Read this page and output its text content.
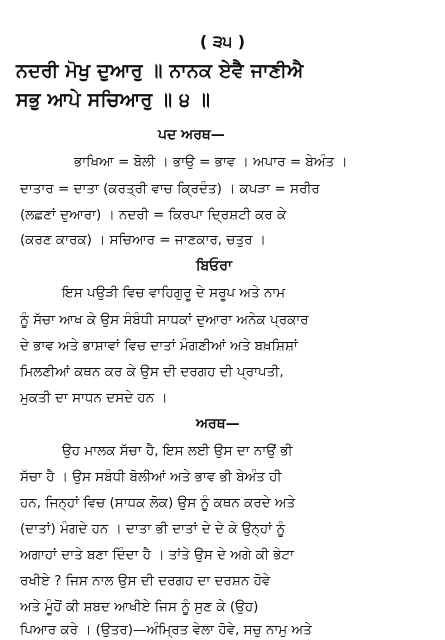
( ੩੫ )
ਨਦਰੀ ਮੋਖੁ ਦੁਆਰੁ ॥ ਨਾਨਕ ਏਵੈ ਜਾਣੀਐ
ਸਭੁ ਆਪੇ ਸਚਿਆਰੁ ॥ ੪ ॥
ਪਦ ਅਰਥ—
ਭਾਖਿਆ = ਬੋਲੀ । ਭਾਉ = ਭਾਵ । ਅਪਾਰ = ਬੇਅੰਤ ।
ਦਾਤਾਰ = ਦਾਤਾ (ਕਰਤ੍ਰੀ ਵਾਚ ਕ੍ਰਿਦੰਤ) । ਕਪੜਾ = ਸਰੀਰ
(ਲਛਣਾਂ ਦੁਆਰਾ) । ਨਦਰੀ = ਕਿਰਪਾ ਦ੍ਰਿਸ਼ਟੀ ਕਰ ਕੇ
(ਕਰਣ ਕਾਰਕ) । ਸਚਿਆਰ = ਜਾਣਕਾਰ, ਚਤੁਰ ।
ਬਿਓਰਾ
ਇਸ ਪਉੜੀ ਵਿਚ ਵਾਹਿਗੁਰੂ ਦੇ ਸਰੂਪ ਅਤੇ ਨਾਮ
ਨੂੰ ਸੱਚਾ ਆਖ ਕੇ ਉਸ ਸੰਬੰਧੀ ਸਾਧਕਾਂ ਦੁਆਰਾ ਅਨੇਕ ਪ੍ਰਕਾਰ
ਦੇ ਭਾਵ ਅਤੇ ਭਾਸ਼ਾਵਾਂ ਵਿਚ ਦਾਤਾਂ ਮੰਗਣੀਆਂ ਅਤੇ ਬਖ਼ਸ਼ਿਸ਼ਾਂ
ਮਿਲਣੀਆਂ ਕਥਨ ਕਰ ਕੇ ਉਸ ਦੀ ਦਰਗਹ ਦੀ ਪ੍ਰਾਪਤੀ,
ਮੁਕਤੀ ਦਾ ਸਾਧਨ ਦਸਦੇ ਹਨ ।
ਅਰਥ—
ਉਹ ਮਾਲਕ ਸੱਚਾ ਹੈ, ਇਸ ਲਈ ਉਸ ਦਾ ਨਾਉਂ ਭੀ
ਸੱਚਾ ਹੈ । ਉਸ ਸਬੰਧੀ ਬੋਲੀਆਂ ਅਤੇ ਭਾਵ ਭੀ ਬੇਅੰਤ ਹੀ
ਹਨ, ਜਿਨ੍ਹਾਂ ਵਿਚ (ਸਾਧਕ ਲੋਕ) ਉਸ ਨੂੰ ਕਥਨ ਕਰਦੇ ਅਤੇ
(ਦਾਤਾਂ) ਮੰਗਦੇ ਹਨ । ਦਾਤਾ ਭੀ ਦਾਤਾਂ ਦੇ ਦੇ ਕੇ ਉਨ੍ਹਾਂ ਨੂੰ
ਅਗਾਹਾਂ ਦਾਤੇ ਬਣਾ ਦਿੰਦਾ ਹੈ । ਤਾਂਤੇ ਉਸ ਦੇ ਅਗੇ ਕੀ ਭੇਟਾ
ਰਖੀਏ ? ਜਿਸ ਨਾਲ ਉਸ ਦੀ ਦਰਗਹ ਦਾ ਦਰਸ਼ਨ ਹੋਵੇ
ਅਤੇ ਮੂੰਹੋਂ ਕੀ ਸ਼ਬਦ ਆਖੀਏ ਜਿਸ ਨੂੰ ਸੁਣ ਕੇ (ਉਹ)
ਪਿਆਰ ਕਰੇ । (ਉਤਰ)—ਅੰਮ੍ਰਿਤ ਵੇਲਾ ਹੋਵੇ, ਸਚੁ ਨਾਮੁ ਅਤੇ
